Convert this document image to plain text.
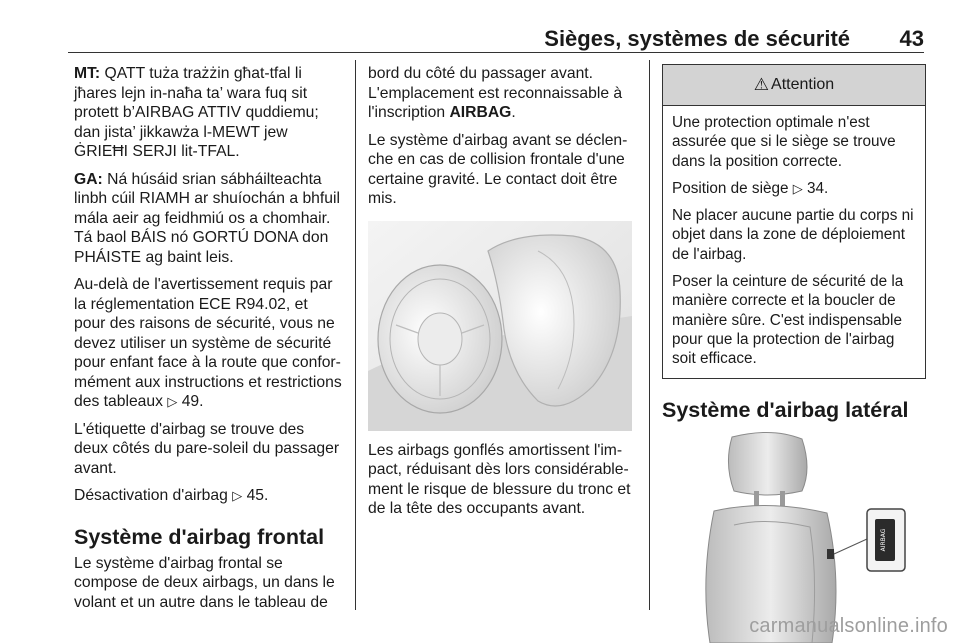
Sièges, systèmes de sécurité 43

MT: QATT tuża trażżin għat-tfal li jħares lejn in-naħa ta’ wara fuq sit protett b’AIRBAG ATTIV quddiemu; dan jista’ jikkawża l-MEWT jew ĠRIEĦI SERJI lit-TFAL.

GA: Ná húsáid srian sábháilteachta linbh cúil RIAMH ar shuíochán a bhfuil mála aeir ag feidhmiú os a chomhair. Tá baol BÁIS nó GORTÚ DONA don PHÁISTE ag baint leis.

Au-delà de l'avertissement requis par la réglementation ECE R94.02, et pour des raisons de sécurité, vous ne devez utiliser un système de sécurité pour enfant face à la route que conformément aux instructions et restrictions des tableaux ▷ 49.

L'étiquette d'airbag se trouve des deux côtés du pare-soleil du passager avant.

Désactivation d'airbag ▷ 45.

Système d'airbag frontal

Le système d'airbag frontal se compose de deux airbags, un dans le volant et un autre dans le tableau de

bord du côté du passager avant.

L'emplacement est reconnaissable à l'inscription AIRBAG.

Le système d'airbag avant se déclenche en cas de collision frontale d'une certaine gravité. Le contact doit être mis.

Les airbags gonflés amortissent l'impact, réduisant dès lors considérablement le risque de blessure du tronc et de la tête des occupants avant.

⚠ Attention

Une protection optimale n'est assurée que si le siège se trouve dans la position correcte.

Position de siège ▷ 34.

Ne placer aucune partie du corps ni objet dans la zone de déploiement de l'airbag.

Poser la ceinture de sécurité de la manière correcte et la boucler de manière sûre. C'est indispensable pour que la protection de l'airbag soit efficace.

Système d'airbag latéral
AIRBAG
carmanualsonline.info
